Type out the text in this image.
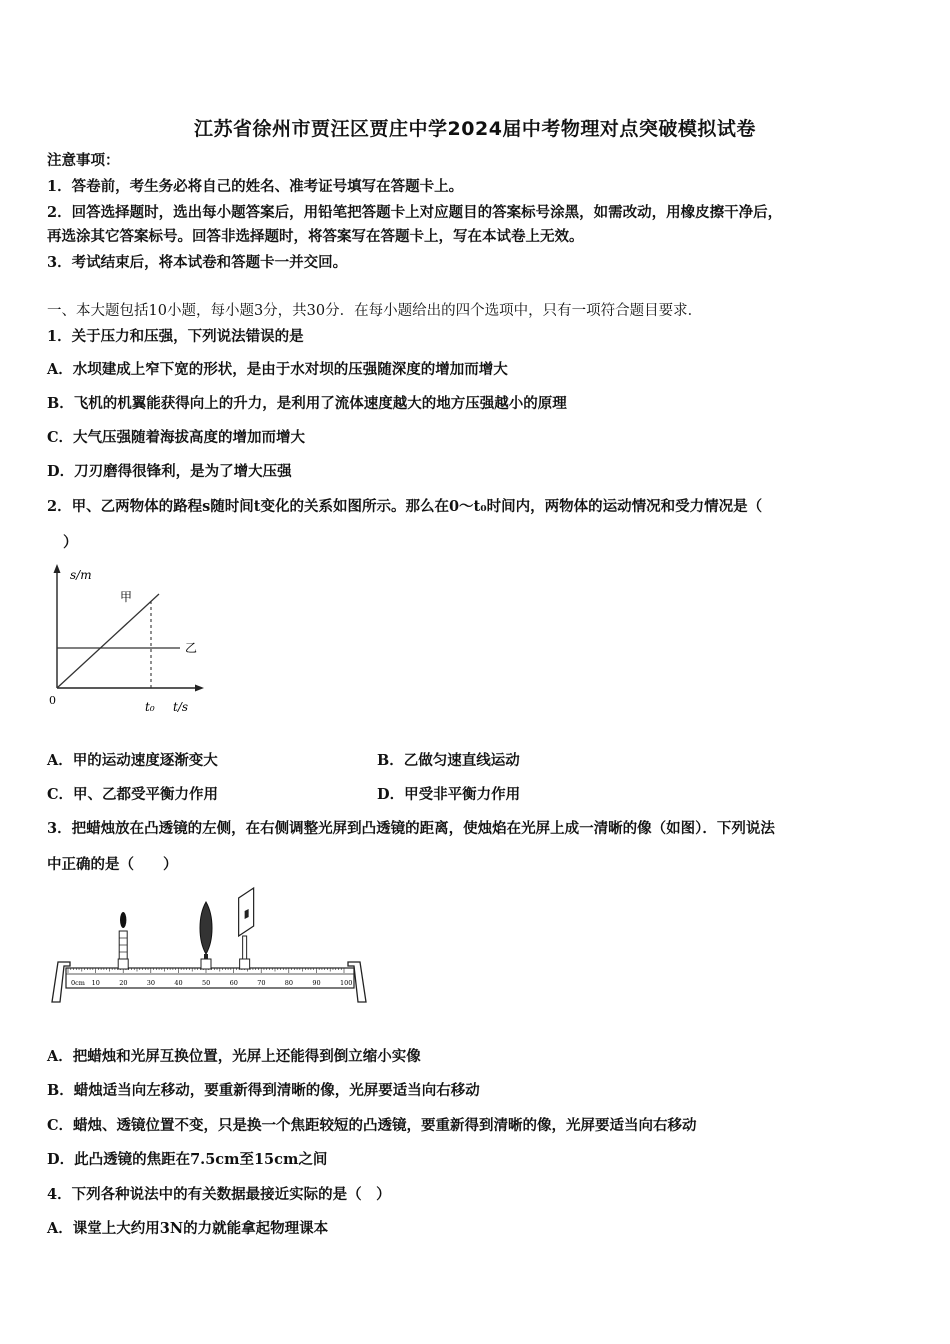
江苏省徐州市贾汪区贾庄中学2024届中考物理对点突破模拟试卷
注意事项：
1．答卷前，考生务必将自己的姓名、准考证号填写在答题卡上。
2．回答选择题时，选出每小题答案后，用铅笔把答题卡上对应题目的答案标号涂黑，如需改动，用橡皮擦干净后，
再选涂其它答案标号。回答非选择题时，将答案写在答题卡上，写在本试卷上无效。
3．考试结束后，将本试卷和答题卡一并交回。
一、本大题包括10小题，每小题3分，共30分．在每小题给出的四个选项中，只有一项符合题目要求．
1．关于压力和压强，下列说法错误的是
A．水坝建成上窄下宽的形状，是由于水对坝的压强随深度的增加而增大
B．飞机的机翼能获得向上的升力，是利用了流体速度越大的地方压强越小的原理
C．大气压强随着海拔高度的增加而增大
D．刀刃磨得很锋利，是为了增大压强
2．甲、乙两物体的路程s随时间t变化的关系如图所示。那么在0～t₀时间内，两物体的运动情况和受力情况是（
）
s/m
甲
乙
0	t₀ t/s
A．甲的运动速度逐渐变大	B．乙做匀速直线运动
C．甲、乙都受平衡力作用	D．甲受非平衡力作用
3．把蜡烛放在凸透镜的左侧，在右侧调整光屏到凸透镜的距离，使烛焰在光屏上成一清晰的像（如图）．下列说法
中正确的是（　　）
10	20	30	40	50	60	70	80	90	100
0cm
A．把蜡烛和光屏互换位置，光屏上还能得到倒立缩小实像
B．蜡烛适当向左移动，要重新得到清晰的像，光屏要适当向右移动
C．蜡烛、透镜位置不变，只是换一个焦距较短的凸透镜，要重新得到清晰的像，光屏要适当向右移动
D．此凸透镜的焦距在7.5cm至15cm之间
4．下列各种说法中的有关数据最接近实际的是（　）
A．课堂上大约用3N的力就能拿起物理课本
